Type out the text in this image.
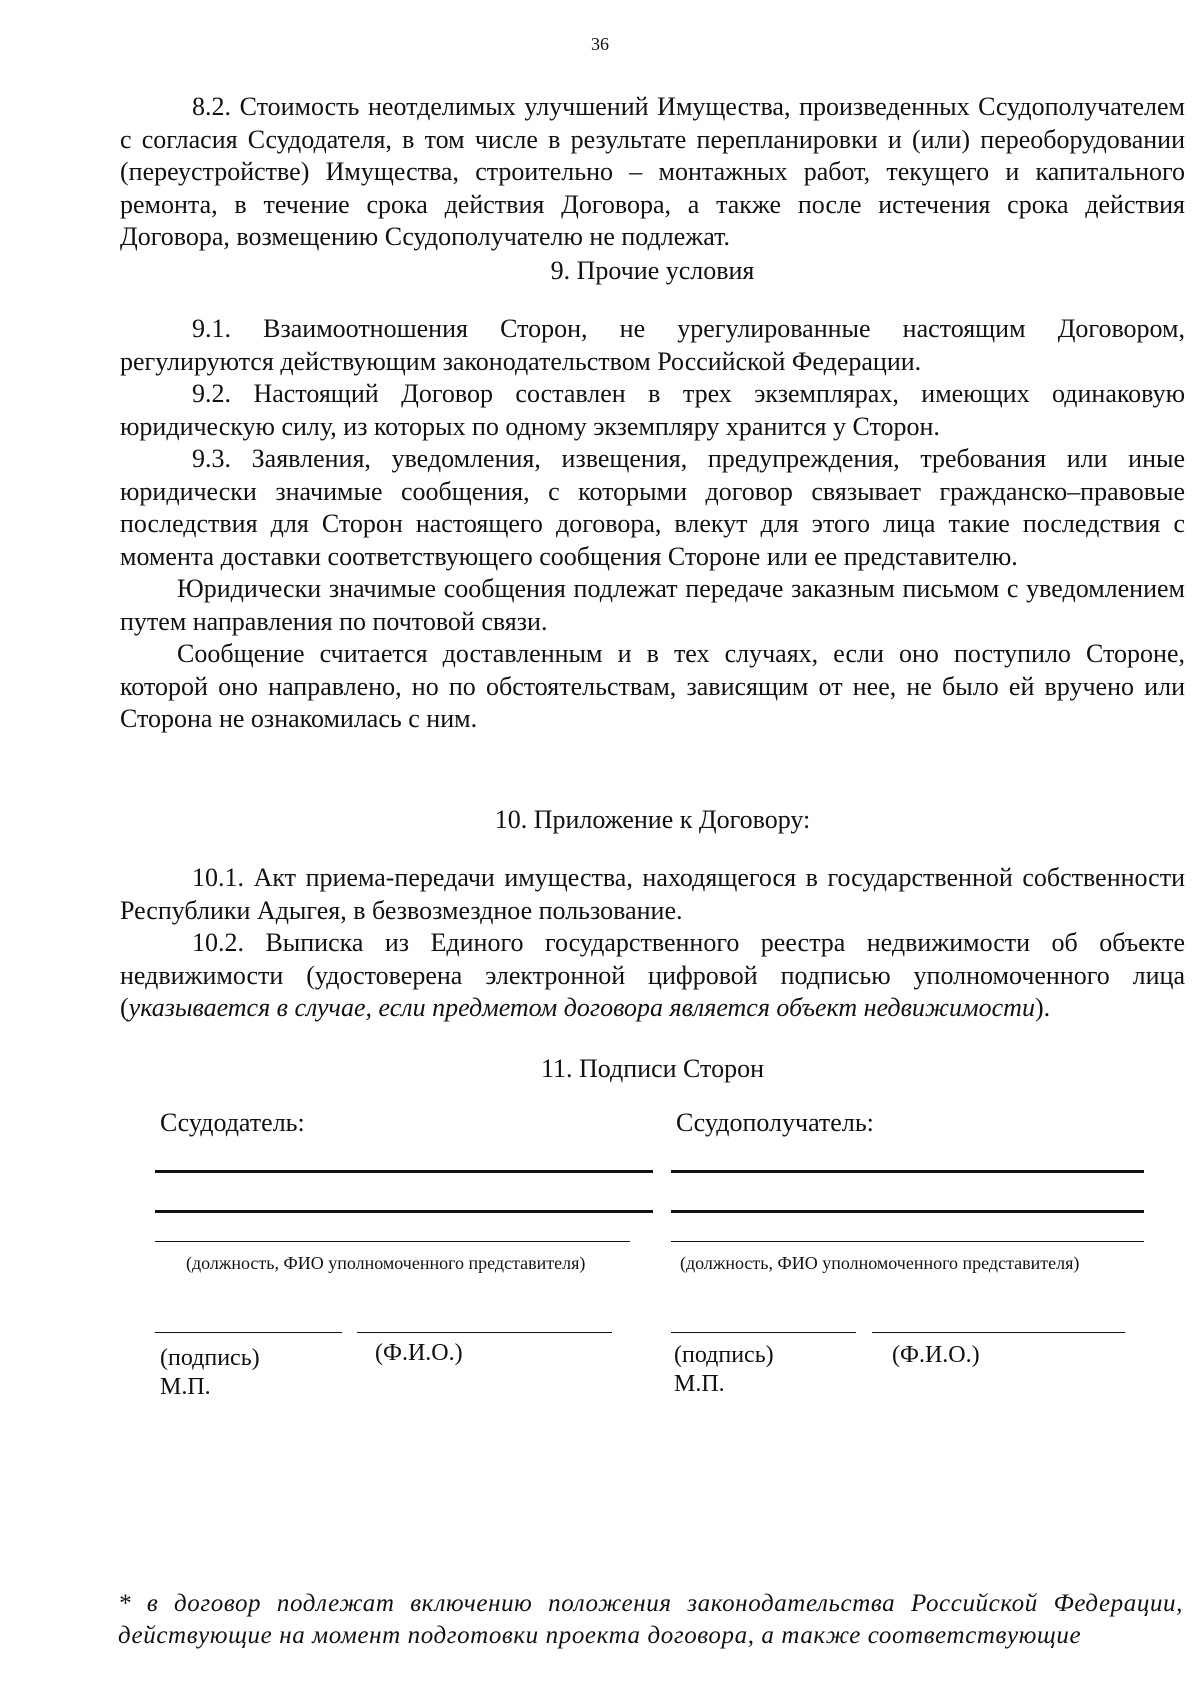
36

8.2. Стоимость неотделимых улучшений Имущества, произведенных Ссудополучателем с согласия Ссудодателя, в том числе в результате перепланировки и (или) переоборудовании (переустройстве) Имущества, строительно – монтажных работ, текущего и капитального ремонта, в течение срока действия Договора, а также после истечения срока действия Договора, возмещению Ссудополучателю не подлежат.

9. Прочие условия

9.1. Взаимоотношения Сторон, не урегулированные настоящим Договором, регулируются действующим законодательством Российской Федерации.

9.2. Настоящий Договор составлен в трех экземплярах, имеющих одинаковую юридическую силу, из которых по одному экземпляру хранится у Сторон.

9.3. Заявления, уведомления, извещения, предупреждения, требования или иные юридически значимые сообщения, с которыми договор связывает гражданско–правовые последствия для Сторон настоящего договора, влекут для этого лица такие последствия с момента доставки соответствующего сообщения Стороне или ее представителю.

Юридически значимые сообщения подлежат передаче заказным письмом с уведомлением путем направления по почтовой связи.

Сообщение считается доставленным и в тех случаях, если оно поступило Стороне, которой оно направлено, но по обстоятельствам, зависящим от нее, не было ей вручено или Сторона не ознакомилась с ним.

10. Приложение к Договору:

10.1. Акт приема-передачи имущества, находящегося в государственной собственности Республики Адыгея, в безвозмездное пользование.

10.2. Выписка из Единого государственного реестра недвижимости об объекте недвижимости (удостоверена электронной цифровой подписью уполномоченного лица (указывается в случае, если предметом договора является объект недвижимости).

11. Подписи Сторон
Ссудодатель:	Ссудополучатель:
(должность, ФИО уполномоченного представителя)	(должность, ФИО уполномоченного представителя)
(подпись)	(Ф.И.О.)
М.П.
(подпись)	(Ф.И.О.)
М.П.
* в договор подлежат включению положения законодательства Российской Федерации, действующие на момент подготовки проекта договора, а также соответствующие
